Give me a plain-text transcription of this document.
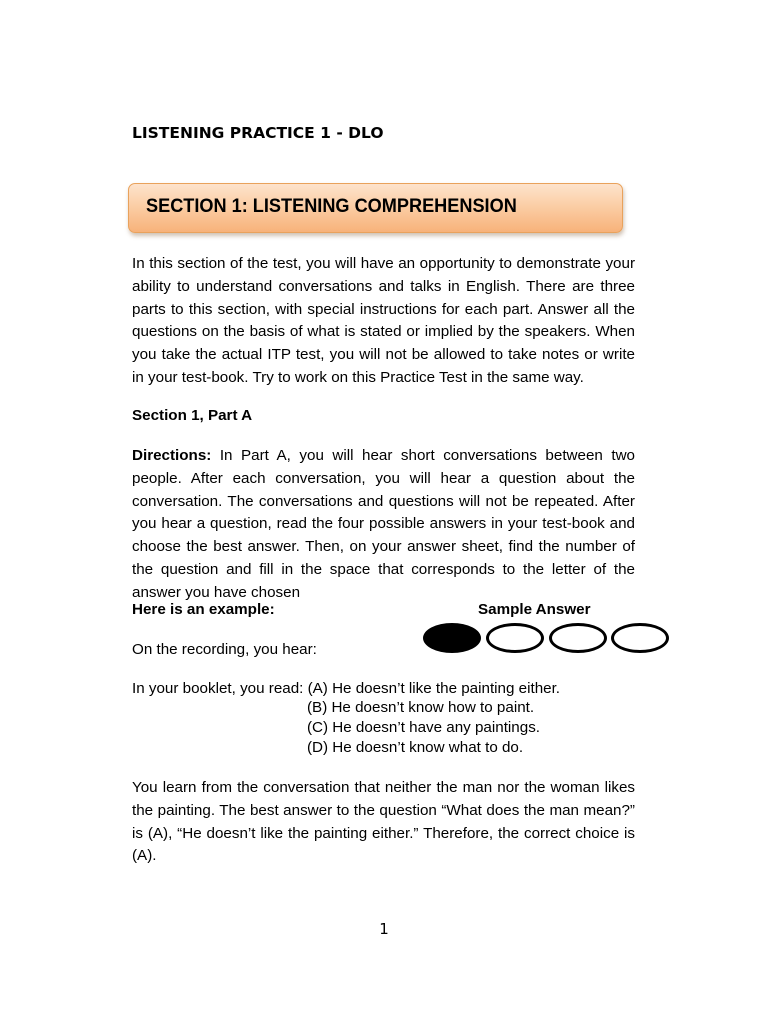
LISTENING PRACTICE 1 - DLO
SECTION 1: LISTENING COMPREHENSION

In this section of the test, you will have an opportunity to demonstrate your ability to understand conversations and talks in English. There are three parts to this section, with special instructions for each part. Answer all the questions on the basis of what is stated or implied by the speakers. When you take the actual ITP test, you will not be allowed to take notes or write in your test-book. Try to work on this Practice Test in the same way.

Section 1, Part A

Directions: In Part A, you will hear short conversations between two people. After each conversation, you will hear a question about the conversation. The conversations and questions will not be repeated. After you hear a question, read the four possible answers in your test-book and choose the best answer. Then, on your answer sheet, find the number of the question and fill in the space that corresponds to the letter of the answer you have chosen

Here is an example:	Sample Answer
On the recording, you hear:
In your booklet, you read: (A) He doesn’t like the painting either.
(B) He doesn’t know how to paint.
(C) He doesn’t have any paintings.
(D) He doesn’t know what to do.

You learn from the conversation that neither the man nor the woman likes the painting. The best answer to the question “What does the man mean?” is (A), “He doesn’t like the painting either.” Therefore, the correct choice is (A).

1
